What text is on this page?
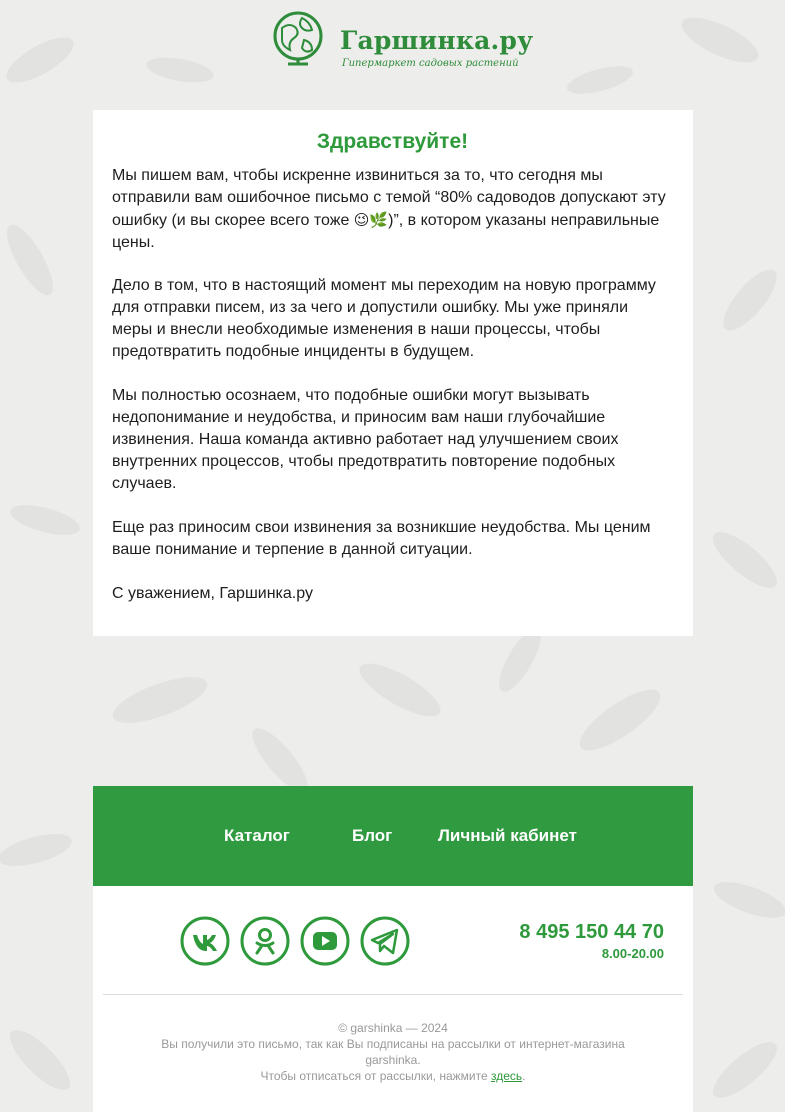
Гаршинка.ру
Гипермаркет садовых растений
Здравствуйте!

Мы пишем вам, чтобы искренне извиниться за то, что сегодня мы отправили вам ошибочное письмо с темой “80% садоводов допускают эту ошибку (и вы скорее всего тоже 😉🌿)”, в котором указаны неправильные цены.

Дело в том, что в настоящий момент мы переходим на новую программу для отправки писем, из за чего и допустили ошибку. Мы уже приняли меры и внесли необходимые изменения в наши процессы, чтобы предотвратить подобные инциденты в будущем.

Мы полностью осознаем, что подобные ошибки могут вызывать недопонимание и неудобства, и приносим вам наши глубочайшие извинения. Наша команда активно работает над улучшением своих внутренних процессов, чтобы предотвратить повторение подобных случаев.

Еще раз приносим свои извинения за возникшие неудобства. Мы ценим ваше понимание и терпение в данной ситуации.

С уважением, Гаршинка.ру

Каталог	Блог	Личный кабинет
8 495 150 44 70
8.00-20.00
© garshinka — 2024
Вы получили это письмо, так как Вы подписаны на рассылки от интернет-магазина garshinka.
Чтобы отписаться от рассылки, нажмите здесь.
